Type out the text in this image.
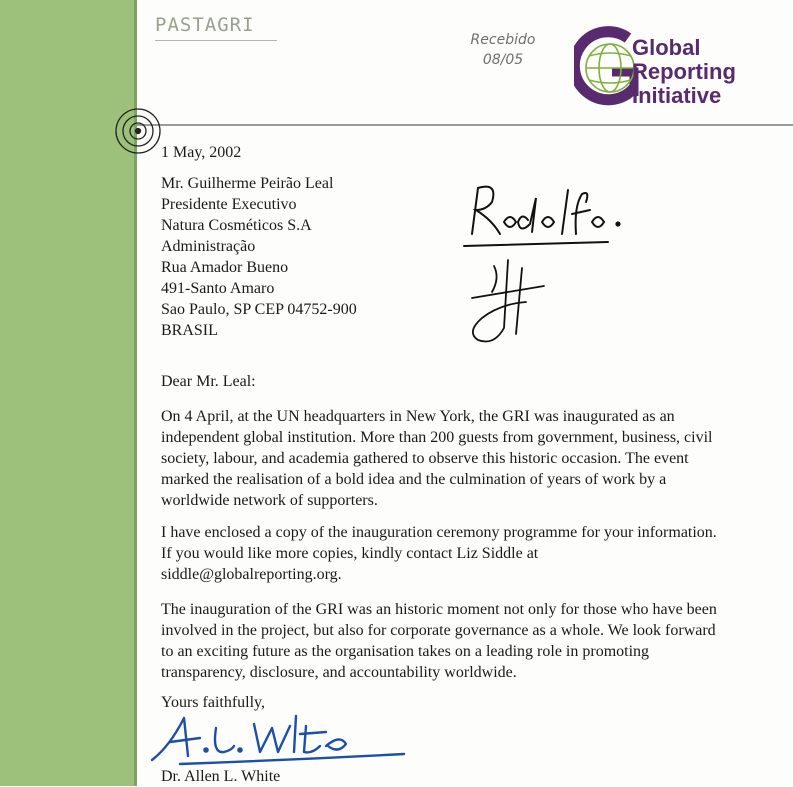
PASTAGRI
Recebido
08/05	Global
Reporting
Initiative
1 May, 2002
Mr. Guilherme Peirão Leal
Presidente Executivo
Natura Cosméticos S.A
Administração
Rua Amador Bueno
491-Santo Amaro
Sao Paulo, SP CEP 04752-900
BRASIL
Dear Mr. Leal:
On 4 April, at the UN headquarters in New York, the GRI was inaugurated as an independent global institution. More than 200 guests from government, business, civil society, labour, and academia gathered to observe this historic occasion. The event marked the realisation of a bold idea and the culmination of years of work by a worldwide network of supporters.
I have enclosed a copy of the inauguration ceremony programme for your information. If you would like more copies, kindly contact Liz Siddle at siddle@globalreporting.org.
The inauguration of the GRI was an historic moment not only for those who have been involved in the project, but also for corporate governance as a whole. We look forward to an exciting future as the organisation takes on a leading role in promoting transparency, disclosure, and accountability worldwide.
Yours faithfully,
Dr. Allen L. White
